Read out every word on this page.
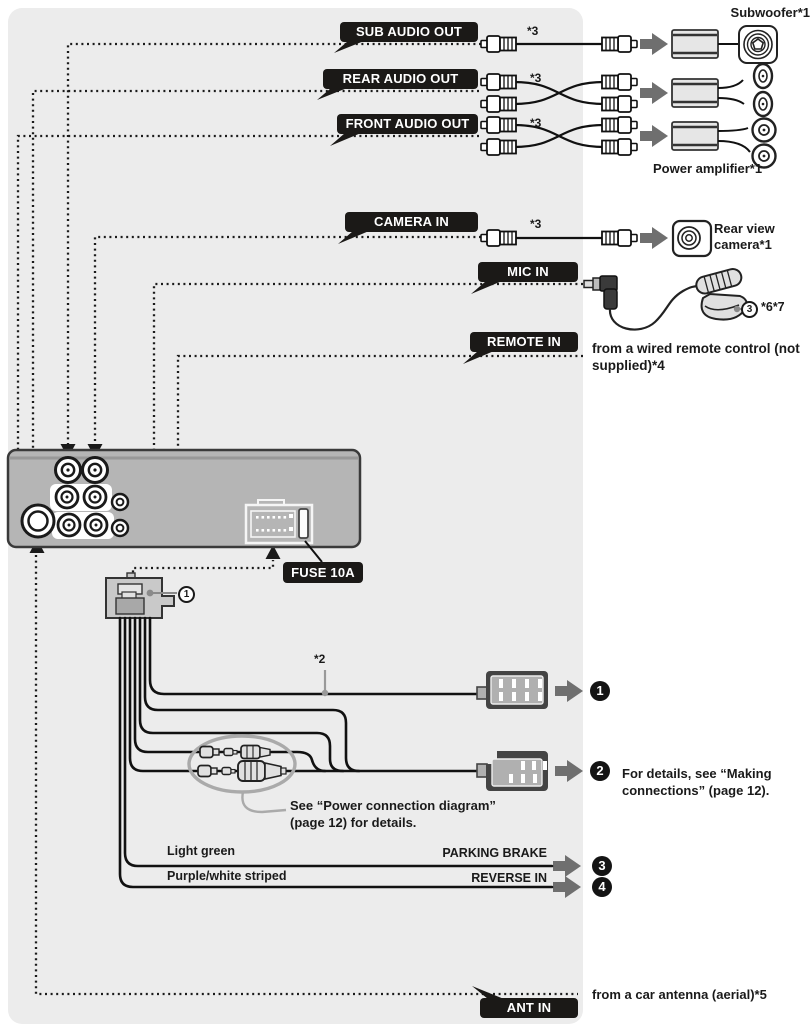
SUB AUDIO OUT
REAR AUDIO OUT
FRONT AUDIO OUT
CAMERA IN
MIC IN
REMOTE IN
ANT IN
FUSE 10A
Subwoofer*1
Power amplifier*1
Rear view
camera*1
*3
*3
*3
*3
*2
3 *6*7
1
from a wired remote control (not
supplied)*4
See “Power connection diagram”
(page 12) for details.
For details, see “Making
connections” (page 12).
Light green	PARKING BRAKE
Purple/white striped	REVERSE IN
from a car antenna (aerial)*5
1
2
3
4
